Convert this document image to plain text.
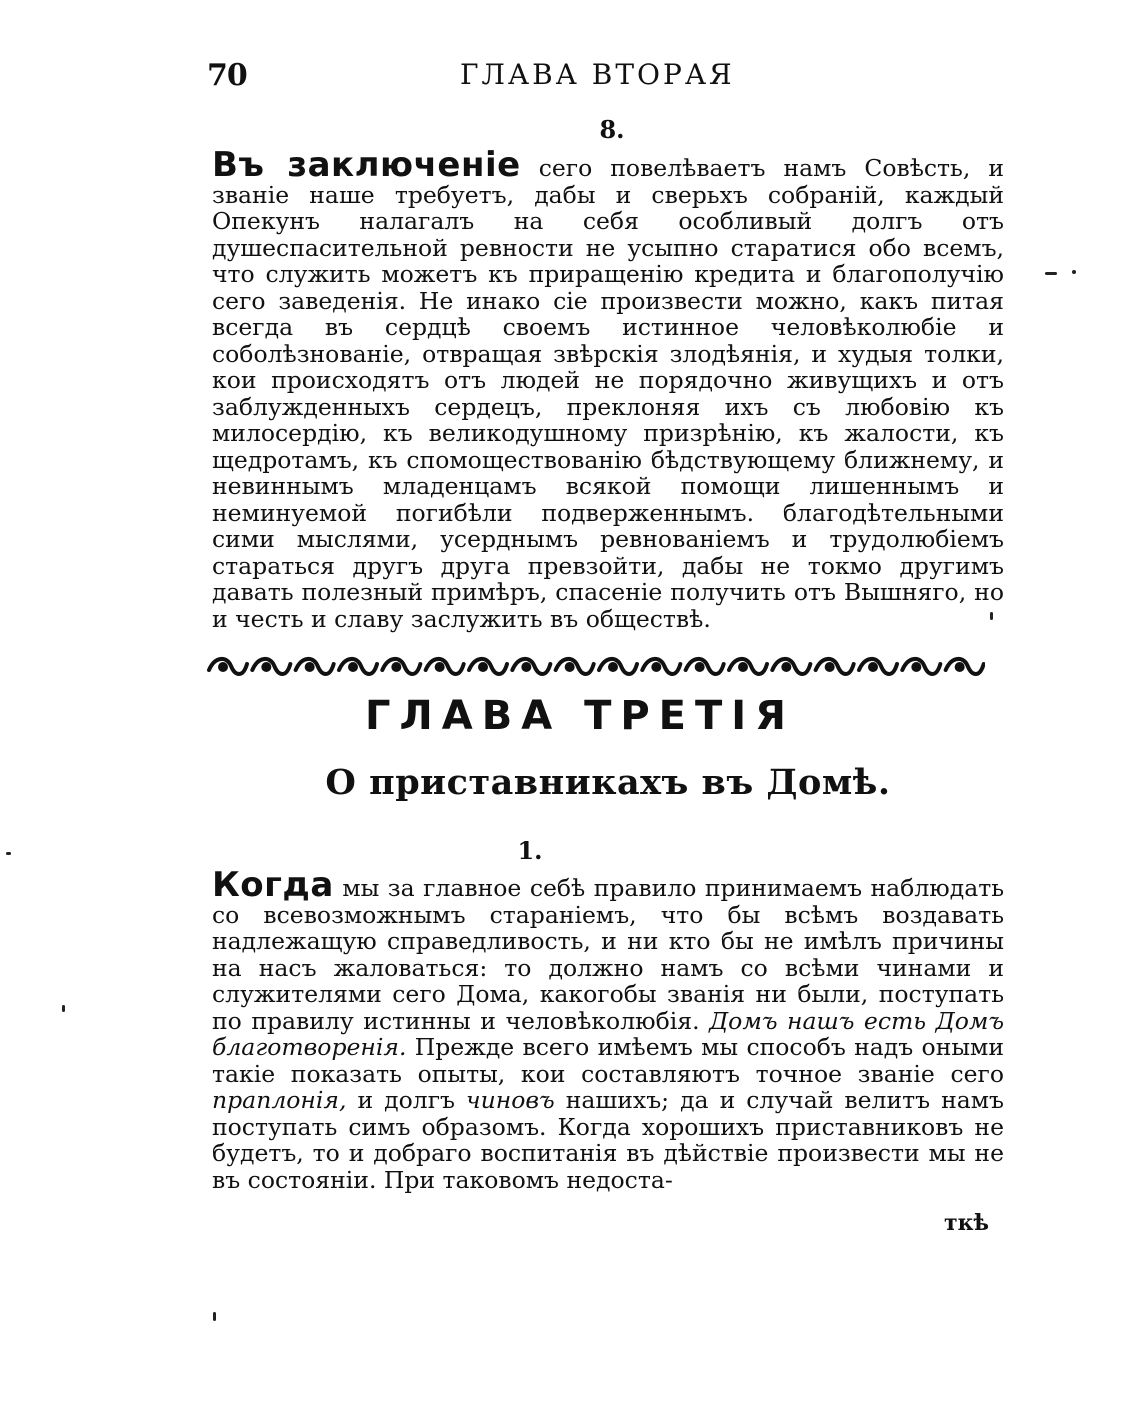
70	ГЛАВА ВТОРАЯ
8.

Въ заключеніе сего повелѣваетъ намъ Совѣсть, и званіе наше требуетъ, дабы и сверьхъ собраній, каждый Опекунъ налагалъ на себя особливый долгъ отъ душеспасительной ревности не усыпно старатися обо всемъ, что служить можетъ къ приращенію кредита и благополучію сего заведенія. Не инако сіе произвести можно, какъ питая всегда въ сердцѣ своемъ истинное человѣколюбіе и соболѣзнованіе, отвращая звѣрскія злодѣянія, и худыя толки, кои происходятъ отъ людей не порядочно живущихъ и отъ заблужденныхъ сердецъ, преклоняя ихъ съ любовію къ милосердію, къ великодушному призрѣнію, къ жалости, къ щедротамъ, къ спомоществованію бѣдствующему ближнему, и невиннымъ младенцамъ всякой помощи лишеннымъ и неминуемой погибѣли подверженнымъ. благодѣтельными сими мыслями, усерднымъ ревнованіемъ и трудолюбіемъ стараться другъ друга превзойти, дабы не токмо другимъ давать полезный примѣръ, спасеніе получить отъ Вышняго, но и честь и славу заслужить въ обществѣ.

ГЛАВА ТРЕТІЯ
О приставникахъ въ Домѣ.
1.

Когда мы за главное себѣ правило принимаемъ наблюдать со всевозможнымъ стараніемъ, что бы всѣмъ воздавать надлежащую справедливость, и ни кто бы не имѣлъ причины на насъ жаловаться: то должно намъ со всѣми чинами и служителями сего Дома, какогобы званія ни были, поступать по правилу истинны и человѣколюбія. Домъ нашъ есть Домъ благотворенія. Прежде всего имѣемъ мы способъ надъ оными такіе показать опыты, кои составляютъ точное званіе сего праплонія, и долгъ чиновъ нашихъ; да и случай велитъ намъ поступать симъ образомъ. Когда хорошихъ приставниковъ не будетъ, то и добраго воспитанія въ дѣйствіе произвести мы не въ состояніи. При таковомъ недоста-

ткѣ
